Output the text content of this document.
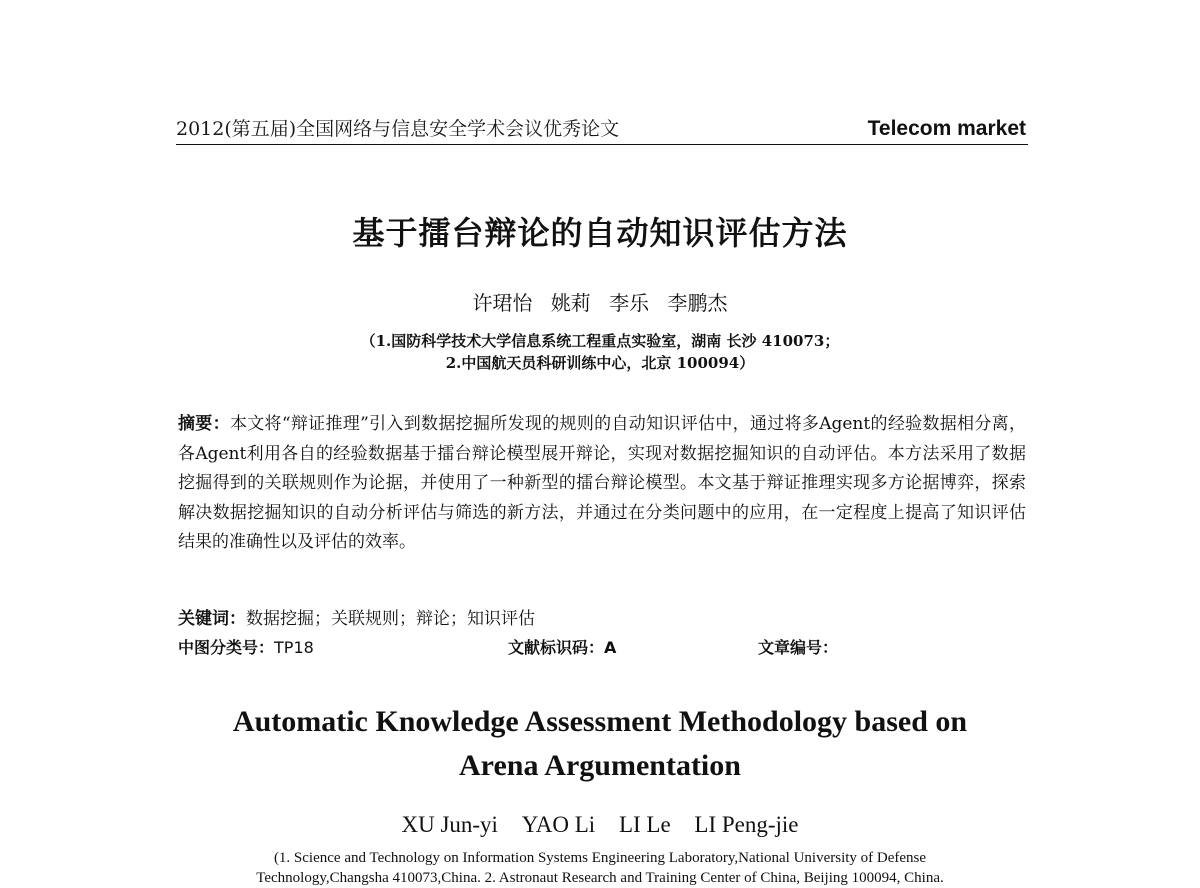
2012(第五届)全国网络与信息安全学术会议优秀论文	Telecom market
基于擂台辩论的自动知识评估方法
许珺怡 姚莉 李乐 李鹏杰
（1.国防科学技术大学信息系统工程重点实验室，湖南 长沙 410073；
2.中国航天员科研训练中心，北京 100094）
摘要：本文将“辩证推理”引入到数据挖掘所发现的规则的自动知识评估中，通过将多Agent的经验数据相分离，各Agent利用各自的经验数据基于擂台辩论模型展开辩论，实现对数据挖掘知识的自动评估。本方法采用了数据挖掘得到的关联规则作为论据，并使用了一种新型的擂台辩论模型。本文基于辩证推理实现多方论据博弈，探索解决数据挖掘知识的自动分析评估与筛选的新方法，并通过在分类问题中的应用，在一定程度上提高了知识评估结果的准确性以及评估的效率。
关键词：数据挖掘；关联规则；辩论；知识评估
中图分类号：TP18	文献标识码：A	文章编号：
Automatic Knowledge Assessment Methodology based on
Arena Argumentation
XU Jun-yi YAO Li LI Le LI Peng-jie
(1. Science and Technology on Information Systems Engineering Laboratory,National University of Defense
Technology,Changsha 410073,China. 2. Astronaut Research and Training Center of China, Beijing 100094, China.
